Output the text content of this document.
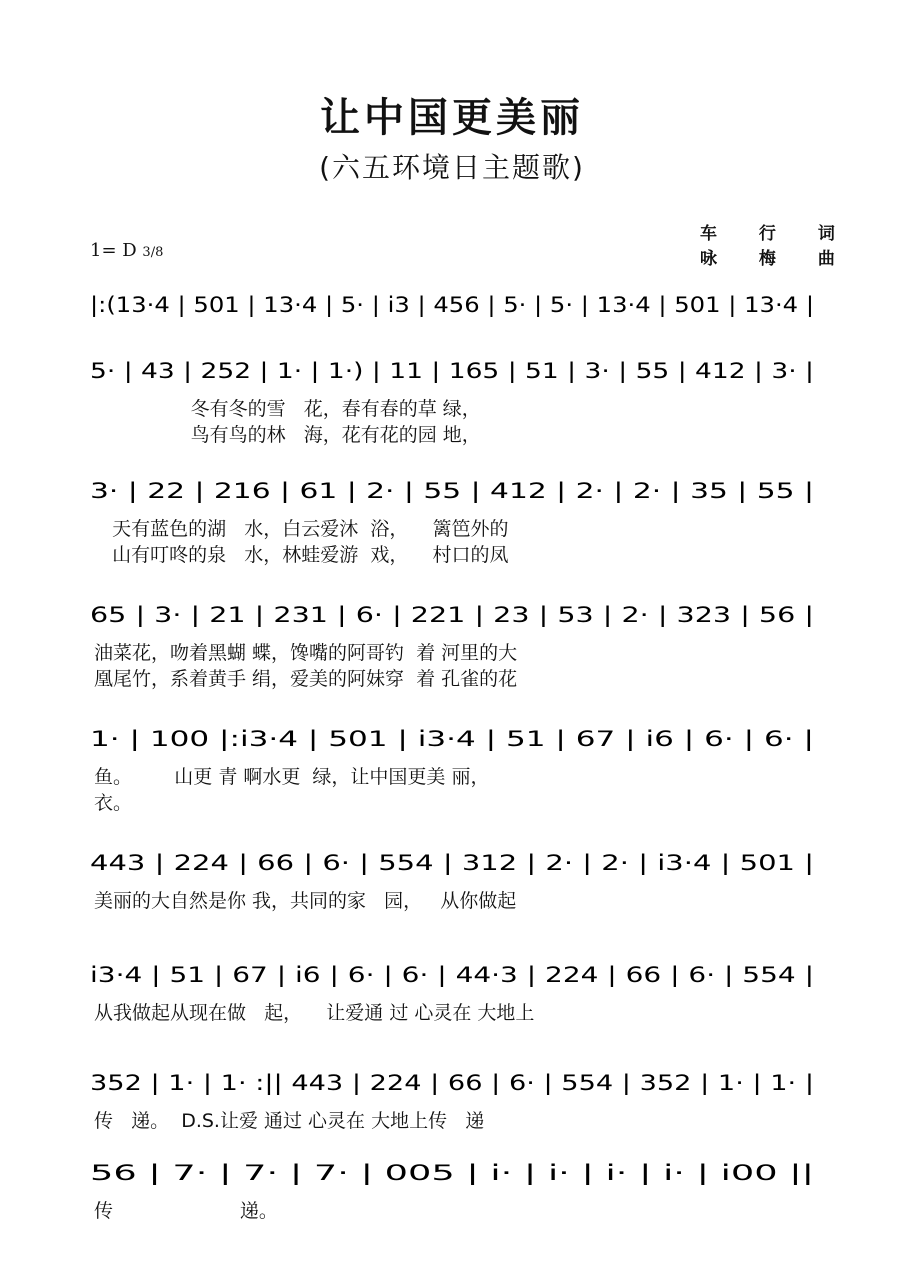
让中国更美丽
(六五环境日主题歌)
1= D 3/8
车 行 词
咏 梅 曲
|:(13·4 | 501 | 13·4 | 5· | i3 | 456 | 5· | 5· | 13·4 | 501 | 13·4 |
5· | 43 | 252 | 1· | 1·) | 11 | 165 | 51 | 3· | 55 | 412 | 3· |
冬有冬的雪   花，春有春的草 绿，
鸟有鸟的林   海，花有花的园 地，
3· | 22 | 216 | 61 | 2· | 55 | 412 | 2· | 2· | 35 | 55 |
天有蓝色的湖   水，白云爱沐  浴，    篱笆外的
山有叮咚的泉   水，林蛙爱游  戏，    村口的凤
65 | 3· | 21 | 231 | 6· | 221 | 23 | 53 | 2· | 323 | 56 |
油菜花，吻着黑蝴 蝶，馋嘴的阿哥钓  着 河里的大
凰尾竹，系着黄手 绢，爱美的阿妹穿  着 孔雀的花
1· | 100 |:i3·4 | 501 | i3·4 | 51 | 67 | i6 | 6· | 6· |
鱼。       山更 青 啊水更  绿，让中国更美 丽，
衣。
443 | 224 | 66 | 6· | 554 | 312 | 2· | 2· | i3·4 | 501 |
美丽的大自然是你 我，共同的家   园，   从你做起
i3·4 | 51 | 67 | i6 | 6· | 6· | 44·3 | 224 | 66 | 6· | 554 |
从我做起从现在做   起，    让爱通 过 心灵在 大地上
352 | 1· | 1· :|| 443 | 224 | 66 | 6· | 554 | 352 | 1· | 1· |
传   递。  D.S.让爱 通过 心灵在 大地上传   递
56 | 7· | 7· | 7· | 005 | i· | i· | i· | i· | i00 ||
传                     递。
